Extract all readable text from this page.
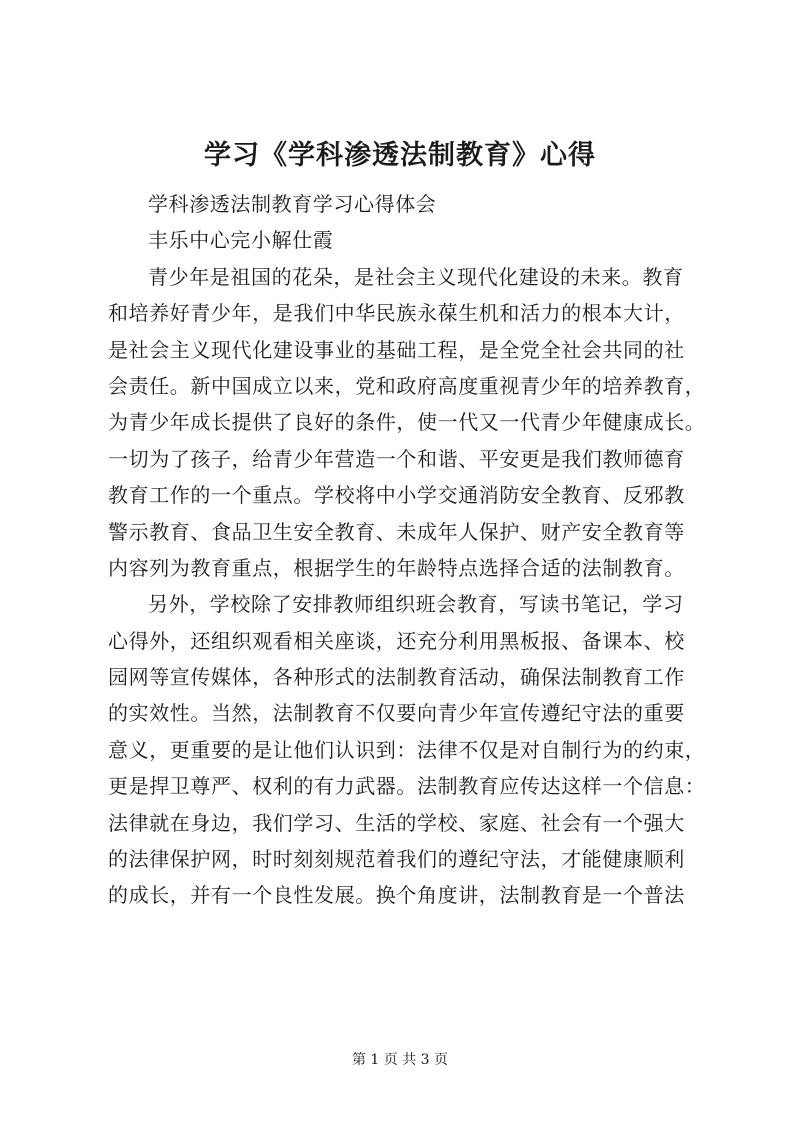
学习《学科渗透法制教育》心得
学科渗透法制教育学习心得体会
丰乐中心完小解仕霞
青少年是祖国的花朵，是社会主义现代化建设的未来。教育
和培养好青少年，是我们中华民族永葆生机和活力的根本大计，
是社会主义现代化建设事业的基础工程，是全党全社会共同的社
会责任。新中国成立以来，党和政府高度重视青少年的培养教育，
为青少年成长提供了良好的条件，使一代又一代青少年健康成长。
一切为了孩子，给青少年营造一个和谐、平安更是我们教师德育
教育工作的一个重点。学校将中小学交通消防安全教育、反邪教
警示教育、食品卫生安全教育、未成年人保护、财产安全教育等
内容列为教育重点，根据学生的年龄特点选择合适的法制教育。
另外，学校除了安排教师组织班会教育，写读书笔记，学习
心得外，还组织观看相关座谈，还充分利用黑板报、备课本、校
园网等宣传媒体，各种形式的法制教育活动，确保法制教育工作
的实效性。当然，法制教育不仅要向青少年宣传遵纪守法的重要
意义，更重要的是让他们认识到：法律不仅是对自制行为的约束，
更是捍卫尊严、权利的有力武器。法制教育应传达这样一个信息：
法律就在身边，我们学习、生活的学校、家庭、社会有一个强大
的法律保护网，时时刻刻规范着我们的遵纪守法，才能健康顺利
的成长，并有一个良性发展。换个角度讲，法制教育是一个普法
第 1 页 共 3 页
